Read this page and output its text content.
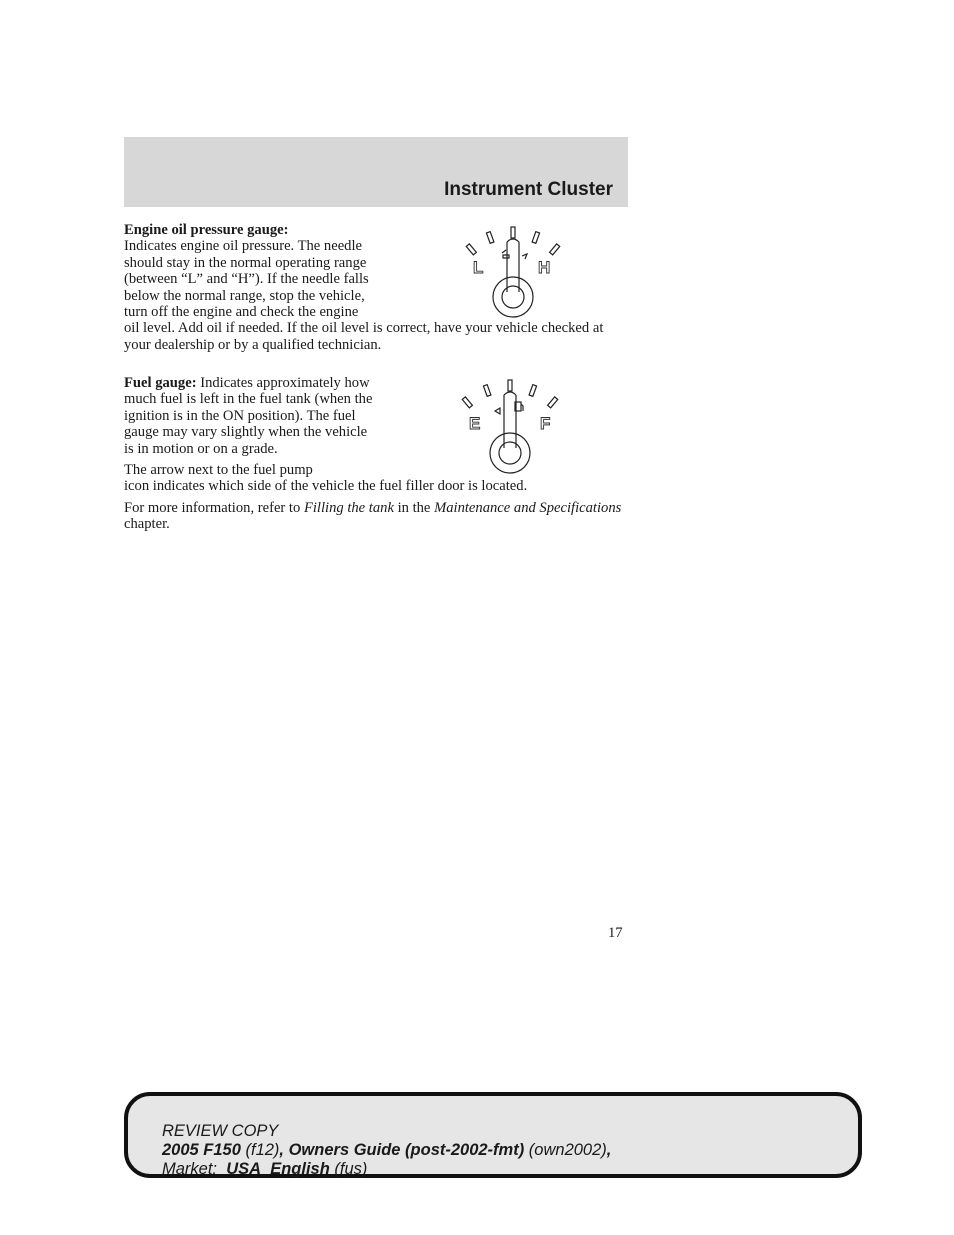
Instrument Cluster

Engine oil pressure gauge:
Indicates engine oil pressure. The needle should stay in the normal operating range (between “L” and “H”). If the needle falls below the normal range, stop the vehicle, turn off the engine and check the engine

oil level. Add oil if needed. If the oil level is correct, have your vehicle checked at your dealership or by a qualified technician.

L	H

Fuel gauge: Indicates approximately how much fuel is left in the fuel tank (when the ignition is in the ON position). The fuel gauge may vary slightly when the vehicle is in motion or on a grade.

The arrow next to the fuel pump
icon indicates which side of the vehicle the fuel filler door is located.

For more information, refer to Filling the tank in the Maintenance and Specifications chapter.

E	F
17
REVIEW COPY
2005 F150 (f12), Owners Guide (post-2002-fmt) (own2002),
Market:  USA_English (fus)
